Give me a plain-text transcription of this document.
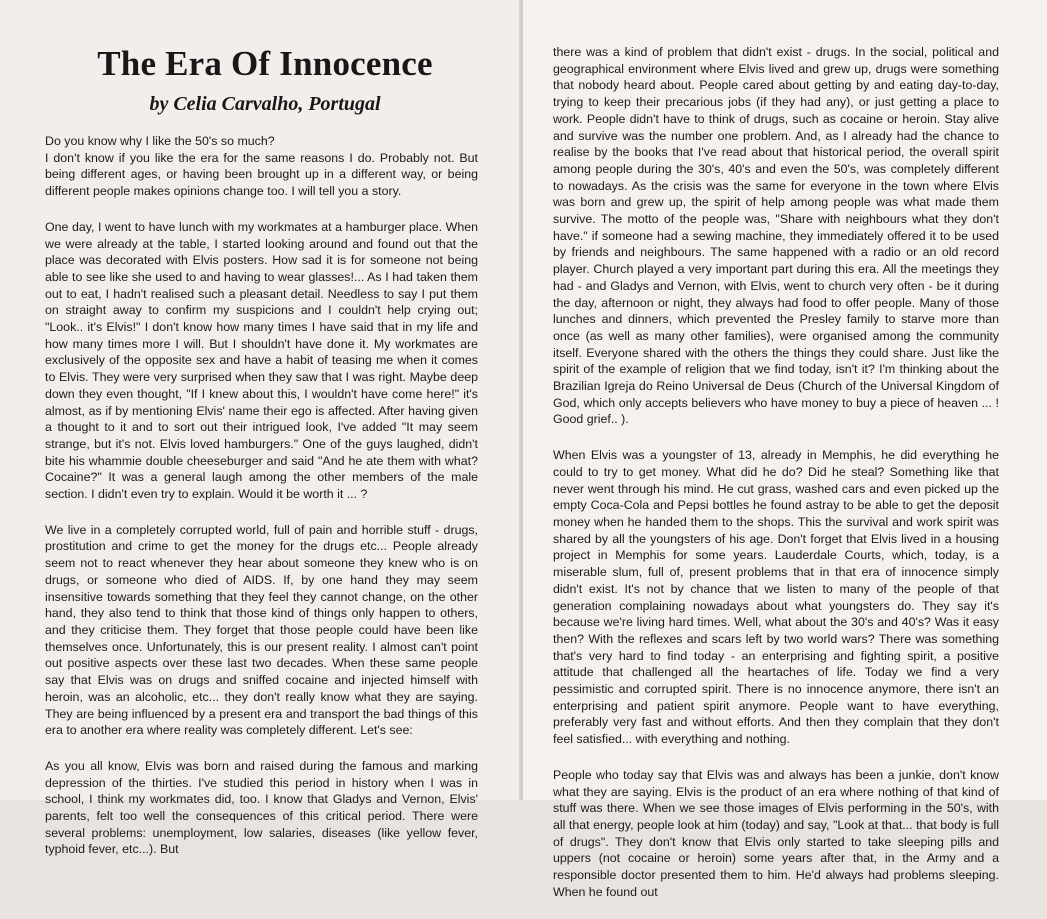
The Era Of Innocence
by Celia Carvalho, Portugal

Do you know why I like the 50's so much?

I don't know if you like the era for the same reasons I do. Probably not. But being different ages, or having been brought up in a different way, or being different people makes opinions change too. I will tell you a story.

One day, I went to have lunch with my workmates at a hamburger place. When we were already at the table, I started looking around and found out that the place was decorated with Elvis posters. How sad it is for someone not being able to see like she used to and having to wear glasses!... As I had taken them out to eat, I hadn't realised such a pleasant detail. Needless to say I put them on straight away to confirm my suspicions and I couldn't help crying out; "Look.. it's Elvis!" I don't know how many times I have said that in my life and how many times more I will. But I shouldn't have done it. My workmates are exclusively of the opposite sex and have a habit of teasing me when it comes to Elvis. They were very surprised when they saw that I was right. Maybe deep down they even thought, "If I knew about this, I wouldn't have come here!" it's almost, as if by mentioning Elvis' name their ego is affected. After having given a thought to it and to sort out their intrigued look, I've added "It may seem strange, but it's not. Elvis loved hamburgers." One of the guys laughed, didn't bite his whammie double cheeseburger and said "And he ate them with what? Cocaine?" It was a general laugh among the other members of the male section. I didn't even try to explain. Would it be worth it ... ?

We live in a completely corrupted world, full of pain and horrible stuff - drugs, prostitution and crime to get the money for the drugs etc... People already seem not to react whenever they hear about someone they knew who is on drugs, or someone who died of AIDS. If, by one hand they may seem insensitive towards something that they feel they cannot change, on the other hand, they also tend to think that those kind of things only happen to others, and they criticise them. They forget that those people could have been like themselves once. Unfortunately, this is our present reality. I almost can't point out positive aspects over these last two decades. When these same people say that Elvis was on drugs and sniffed cocaine and injected himself with heroin, was an alcoholic, etc... they don't really know what they are saying. They are being influenced by a present era and transport the bad things of this era to another era where reality was completely different. Let's see:

As you all know, Elvis was born and raised during the famous and marking depression of the thirties. I've studied this period in history when I was in school, I think my workmates did, too. I know that Gladys and Vernon, Elvis' parents, felt too well the consequences of this critical period. There were several problems: unemployment, low salaries, diseases (like yellow fever, typhoid fever, etc...). But

there was a kind of problem that didn't exist - drugs. In the social, political and geographical environment where Elvis lived and grew up, drugs were something that nobody heard about. People cared about getting by and eating day-to-day, trying to keep their precarious jobs (if they had any), or just getting a place to work. People didn't have to think of drugs, such as cocaine or heroin. Stay alive and survive was the number one problem. And, as I already had the chance to realise by the books that I've read about that historical period, the overall spirit among people during the 30's, 40's and even the 50's, was completely different to nowadays. As the crisis was the same for everyone in the town where Elvis was born and grew up, the spirit of help among people was what made them survive. The motto of the people was, "Share with neighbours what they don't have." if someone had a sewing machine, they immediately offered it to be used by friends and neighbours. The same happened with a radio or an old record player. Church played a very important part during this era. All the meetings they had - and Gladys and Vernon, with Elvis, went to church very often - be it during the day, afternoon or night, they always had food to offer people. Many of those lunches and dinners, which prevented the Presley family to starve more than once (as well as many other families), were organised among the community itself. Everyone shared with the others the things they could share. Just like the spirit of the example of religion that we find today, isn't it? I'm thinking about the Brazilian Igreja do Reino Universal de Deus (Church of the Universal Kingdom of God, which only accepts believers who have money to buy a piece of heaven ... ! Good grief.. ).

When Elvis was a youngster of 13, already in Memphis, he did everything he could to try to get money. What did he do? Did he steal? Something like that never went through his mind. He cut grass, washed cars and even picked up the empty Coca-Cola and Pepsi bottles he found astray to be able to get the deposit money when he handed them to the shops. This the survival and work spirit was shared by all the youngsters of his age. Don't forget that Elvis lived in a housing project in Memphis for some years. Lauderdale Courts, which, today, is a miserable slum, full of, present problems that in that era of innocence simply didn't exist. It's not by chance that we listen to many of the people of that generation complaining nowadays about what youngsters do. They say it's because we're living hard times. Well, what about the 30's and 40's? Was it easy then? With the reflexes and scars left by two world wars? There was something that's very hard to find today - an enterprising and fighting spirit, a positive attitude that challenged all the heartaches of life. Today we find a very pessimistic and corrupted spirit. There is no innocence anymore, there isn't an enterprising and patient spirit anymore. People want to have everything, preferably very fast and without efforts. And then they complain that they don't feel satisfied... with everything and nothing.

People who today say that Elvis was and always has been a junkie, don't know what they are saying. Elvis is the product of an era where nothing of that kind of stuff was there. When we see those images of Elvis performing in the 50's, with all that energy, people look at him (today) and say, "Look at that... that body is full of drugs". They don't know that Elvis only started to take sleeping pills and uppers (not cocaine or heroin) some years after that, in the Army and a responsible doctor presented them to him. He'd always had problems sleeping. When he found out
